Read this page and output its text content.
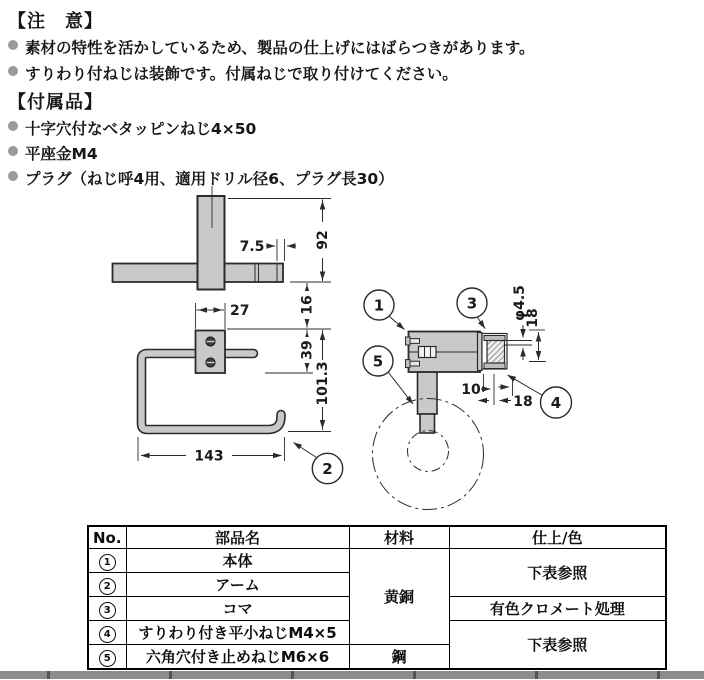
【注　意】
素材の特性を活かしているため、製品の仕上げにはばらつきがあります。
すりわり付ねじは装飾です。付属ねじで取り付けてください。
【付属品】
十字穴付なべタッピンねじ4×50
平座金M4
プラグ（ねじ呼4用、適用ドリル径6、プラグ長30）
7.5	92
16
27
39
101.3
143
φ4.5
18
10
18
1
2
3
4
5
No.	部品名	材料	仕上/色
1	本体	黄銅	下表参照
2	アーム		
3	コマ		有色クロメート処理
4	すりわり付き平小ねじM4×5		下表参照
5	六角穴付き止めねじM6×6	鋼	
